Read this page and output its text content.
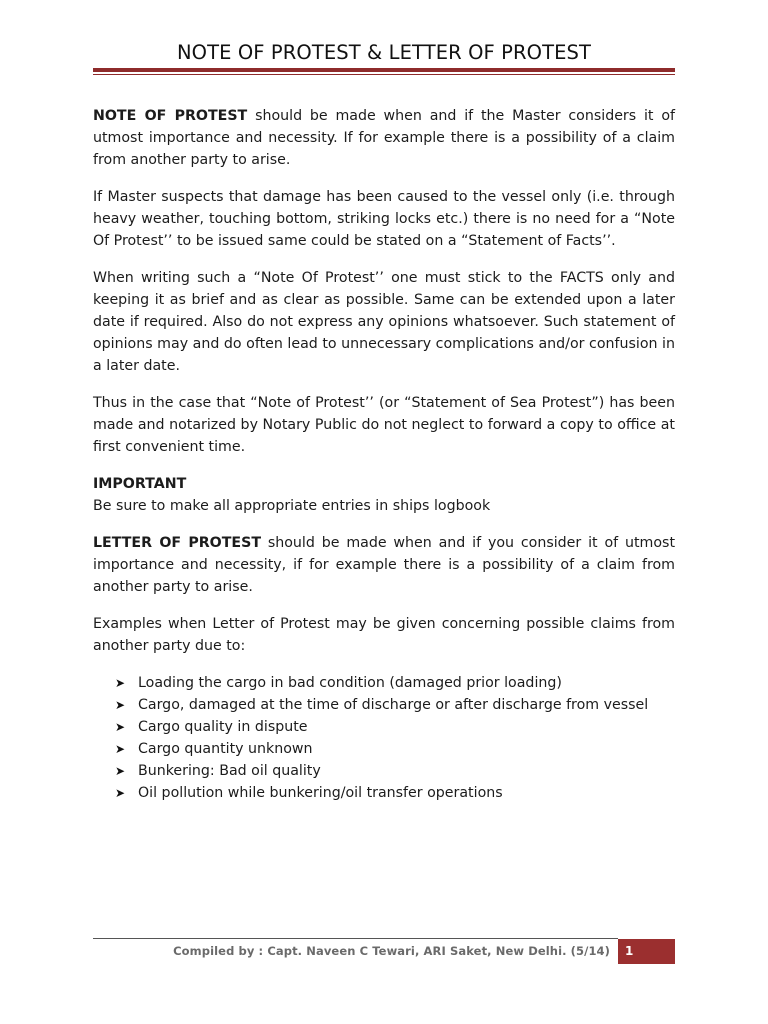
NOTE OF PROTEST & LETTER OF PROTEST

NOTE OF PROTEST should be made when and if the Master considers it of utmost importance and necessity. If for example there is a possibility of a claim from another party to arise.

If Master suspects that damage has been caused to the vessel only (i.e. through heavy weather, touching bottom, striking locks etc.) there is no need for a “Note Of Protest’’ to be issued same could be stated on a “Statement of Facts’’.

When writing such a “Note Of Protest’’ one must stick to the FACTS only and keeping it as brief and as clear as possible. Same can be extended upon a later date if required. Also do not express any opinions whatsoever. Such statement of opinions may and do often lead to unnecessary complications and/or confusion in a later date.

Thus in the case that “Note of Protest’’ (or “Statement of Sea Protest”) has been made and notarized by Notary Public do not neglect to forward a copy to office at first convenient time.

IMPORTANT

Be sure to make all appropriate entries in ships logbook

LETTER OF PROTEST should be made when and if you consider it of utmost importance and necessity, if for example there is a possibility of a claim from another party to arise.

Examples when Letter of Protest may be given concerning possible claims from another party due to:

➤ Loading the cargo in bad condition (damaged prior loading)
➤ Cargo, damaged at the time of discharge or after discharge from vessel
➤ Cargo quality in dispute
➤ Cargo quantity unknown
➤ Bunkering: Bad oil quality
➤ Oil pollution while bunkering/oil transfer operations
Compiled by : Capt. Naveen C Tewari, ARI Saket, New Delhi. (5/14)	1
